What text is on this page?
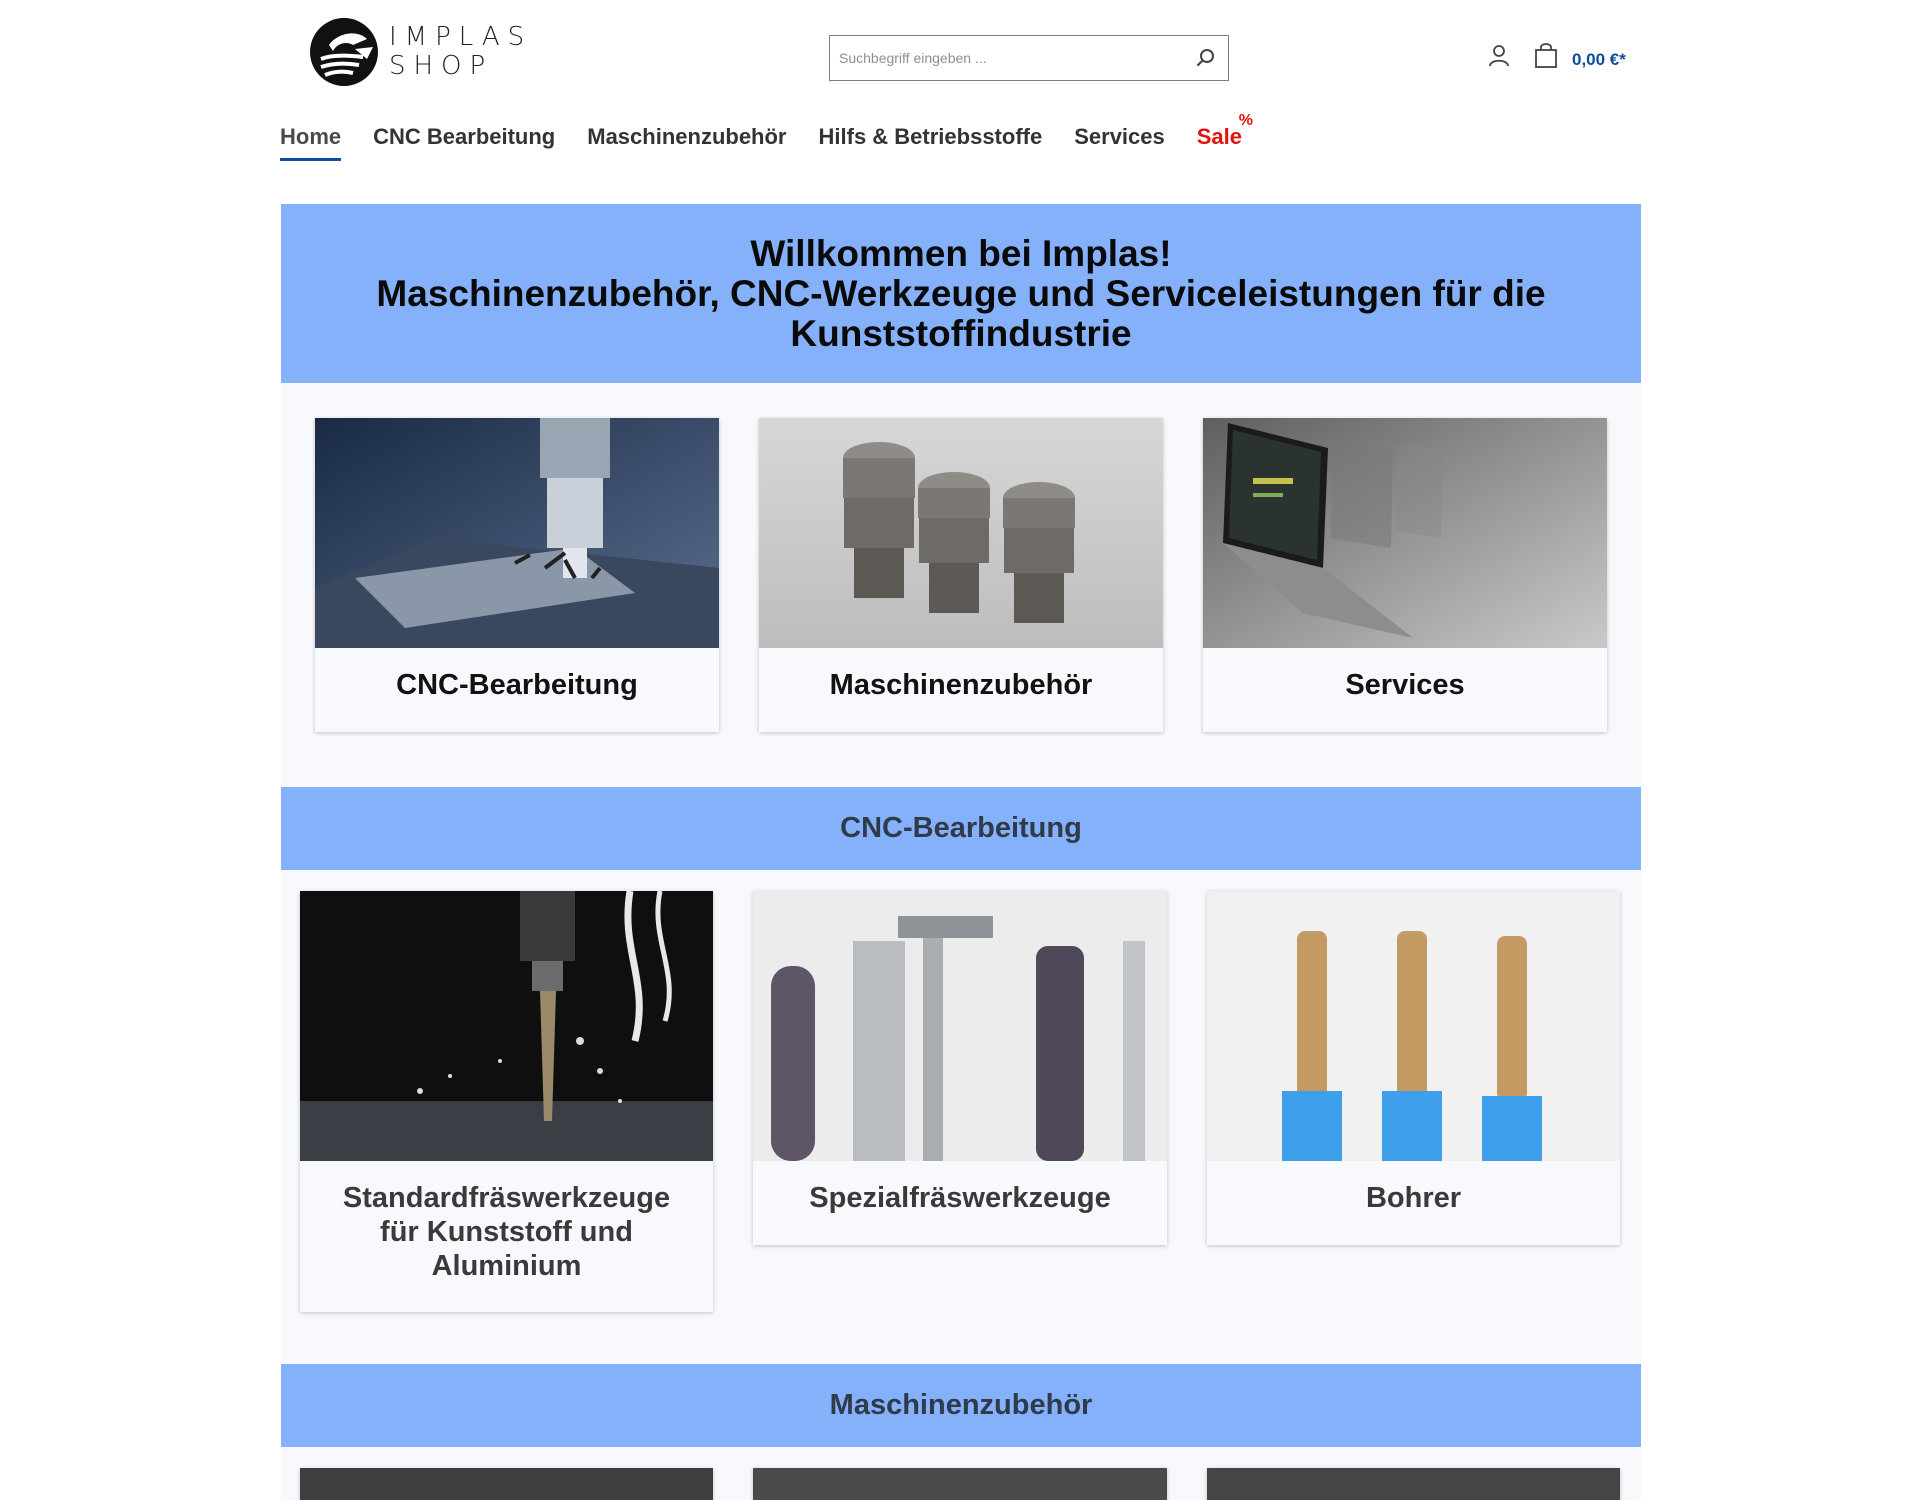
IMPLAS
SHOP
Suchbegriff eingeben ...	0,00 €*
Home CNC Bearbeitung Maschinenzubehör Hilfs & Betriebsstoffe Services Sale
%
Willkommen bei Implas!
Maschinenzubehör, CNC-Werkzeuge und Serviceleistungen für die
Kunststoffindustrie
CNC-Bearbeitung	Maschinenzubehör	Services
CNC-Bearbeitung
Standardfräswerkzeuge für Kunststoff und Aluminium
Spezialfräswerkzeuge	Bohrer
Maschinenzubehör
